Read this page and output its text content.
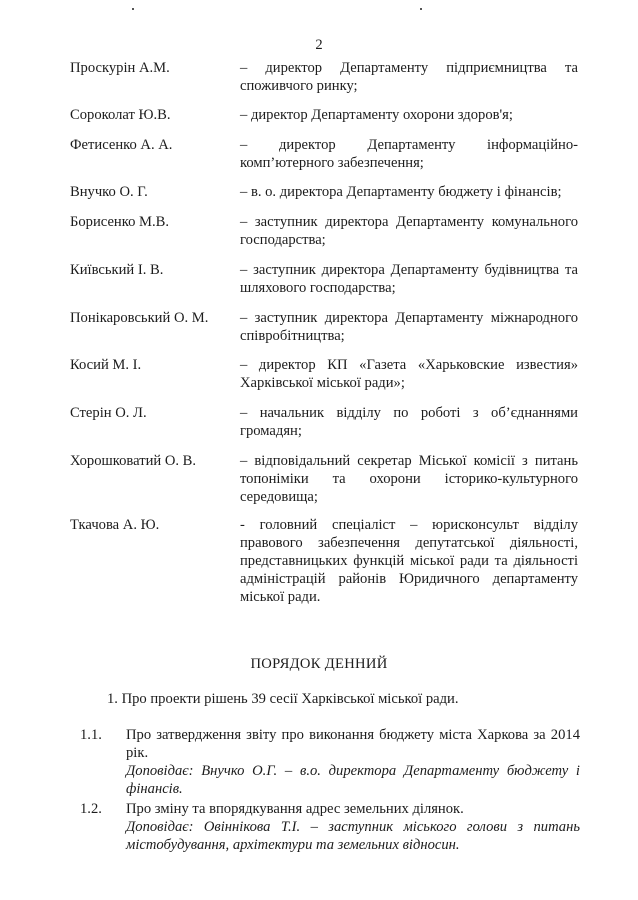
2
Проскурін А.М.	– директор Департаменту підприємництва та споживчого ринку;
Сороколат Ю.В.	– директор Департаменту охорони здоров'я;
Фетисенко А. А.	– директор Департаменту інформаційно-комп’ютерного забезпечення;
Внучко О. Г.	– в. о. директора Департаменту бюджету і фінансів;
Борисенко М.В.	– заступник директора Департаменту комунального господарства;
Київський І. В.	– заступник директора Департаменту будівництва та шляхового господарства;
Понікаровський О. М. – заступник директора Департаменту міжнародного співробітництва;
Косий М. І.	– директор КП «Газета «Харьковские известия» Харківської міської ради»;
Стерін О. Л.	– начальник відділу по роботі з об’єднаннями громадян;
Хорошковатий О. В.	– відповідальний секретар Міської комісії з питань топоніміки та охорони історико-культурного середовища;
Ткачова А. Ю.	- головний спеціаліст – юрисконсульт відділу правового забезпечення депутатської діяльності, представницьких функцій міської ради та діяльності адміністрацій районів Юридичного департаменту міської ради.
ПОРЯДОК ДЕННИЙ
1. Про проекти рішень 39 сесії Харківської міської ради.
1.1. Про затвердження звіту про виконання бюджету міста Харкова за 2014 рік.
Доповідає: Внучко О.Г. – в.о. директора Департаменту бюджету і фінансів.
1.2. Про зміну та впорядкування адрес земельних ділянок.
Доповідає: Овіннікова Т.І. – заступник міського голови з питань містобудування, архітектури та земельних відносин.
